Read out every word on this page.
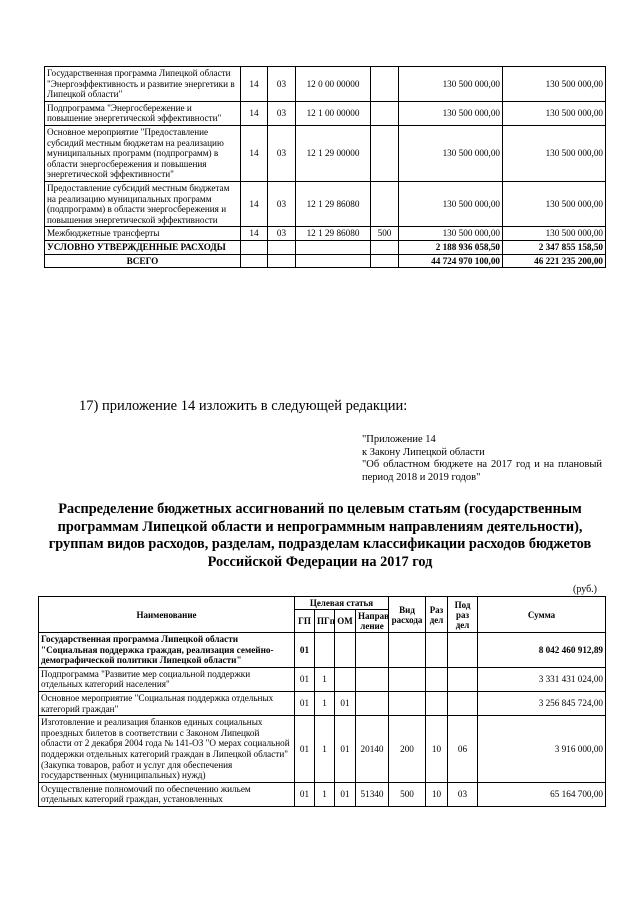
Государственная программа Липецкой области "Энергоэффективность и развитие энергетики в Липецкой области"	14	03	12 0 00 00000		130 500 000,00	130 500 000,00
Подпрограмма "Энергосбережение и повышение энергетической эффективности"	14	03	12 1 00 00000		130 500 000,00	130 500 000,00
Основное мероприятие "Предоставление субсидий местным бюджетам на реализацию муниципальных программ (подпрограмм) в области энергосбережения и повышения энергетической эффективности"	14	03	12 1 29 00000		130 500 000,00	130 500 000,00
Предоставление субсидий местным бюджетам на реализацию муниципальных программ (подпрограмм) в области энергосбережения и повышения энергетической эффективности	14	03	12 1 29 86080		130 500 000,00	130 500 000,00
Межбюджетные трансферты	14	03	12 1 29 86080	500	130 500 000,00	130 500 000,00
УСЛОВНО УТВЕРЖДЕННЫЕ РАСХОДЫ					2 188 936 058,50	2 347 855 158,50
ВСЕГО					44 724 970 100,00	46 221 235 200,00
17) приложение 14 изложить в следующей редакции:
"Приложение 14
к Закону Липецкой области
"Об областном бюджете на 2017 год и на плановый период 2018 и 2019 годов"
Распределение бюджетных ассигнований по целевым статьям (государственным программам Липецкой области и непрограммным направлениям деятельности), группам видов расходов, разделам, подразделам классификации расходов бюджетов Российской Федерации на 2017 год
(руб.)
Наименование	Целевая статья				Вид расхода	Раз дел	Под раз дел	Сумма
	ГП	ПГп	ОМ	Направ ление				
Государственная программа Липецкой области "Социальная поддержка граждан, реализация семейно-демографической политики Липецкой области"	01							8 042 460 912,89
Подпрограмма "Развитие мер социальной поддержки отдельных категорий населения"	01	1						3 331 431 024,00
Основное мероприятие "Социальная поддержка отдельных категорий граждан"	01	1	01					3 256 845 724,00
Изготовление и реализация бланков единых социальных проездных билетов в соответствии с Законом Липецкой области от 2 декабря 2004 года № 141-ОЗ "О мерах социальной поддержки отдельных категорий граждан в Липецкой области" (Закупка товаров, работ и услуг для обеспечения государственных (муниципальных) нужд)	01	1	01	20140	200	10	06	3 916 000,00
Осуществление полномочий по обеспечению жильем отдельных категорий граждан, установленных	01	1	01	51340	500	10	03	65 164 700,00
